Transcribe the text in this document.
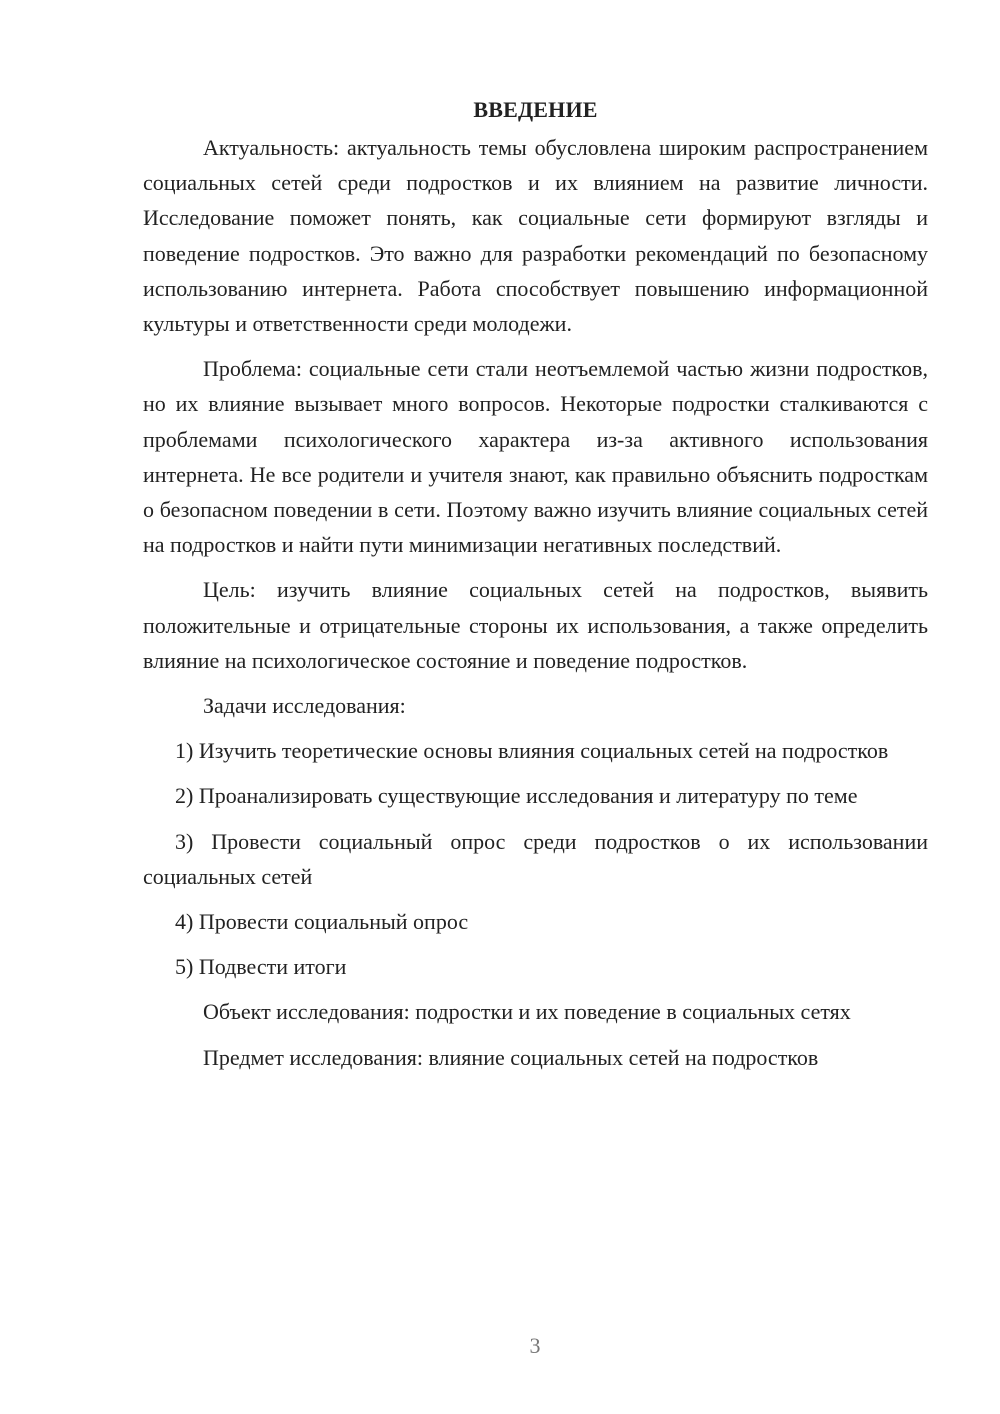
ВВЕДЕНИЕ

Актуальность: актуальность темы обусловлена широким распространением социальных сетей среди подростков и их влиянием на развитие личности. Исследование поможет понять, как социальные сети формируют взгляды и поведение подростков. Это важно для разработки рекомендаций по безопасному использованию интернета. Работа способствует повышению информационной культуры и ответственности среди молодежи.

Проблема: социальные сети стали неотъемлемой частью жизни подростков, но их влияние вызывает много вопросов. Некоторые подростки сталкиваются с проблемами психологического характера из-за активного использования интернета. Не все родители и учителя знают, как правильно объяснить подросткам о безопасном поведении в сети. Поэтому важно изучить влияние социальных сетей на подростков и найти пути минимизации негативных последствий.

Цель: изучить влияние социальных сетей на подростков, выявить положительные и отрицательные стороны их использования, а также определить влияние на психологическое состояние и поведение подростков.

Задачи исследования:

1) Изучить теоретические основы влияния социальных сетей на подростков

2) Проанализировать существующие исследования и литературу по теме

3) Провести социальный опрос среди подростков о их использовании социальных сетей

4) Провести социальный опрос

5) Подвести итоги

Объект исследования: подростки и их поведение в социальных сетях

Предмет исследования: влияние социальных сетей на подростков

3
